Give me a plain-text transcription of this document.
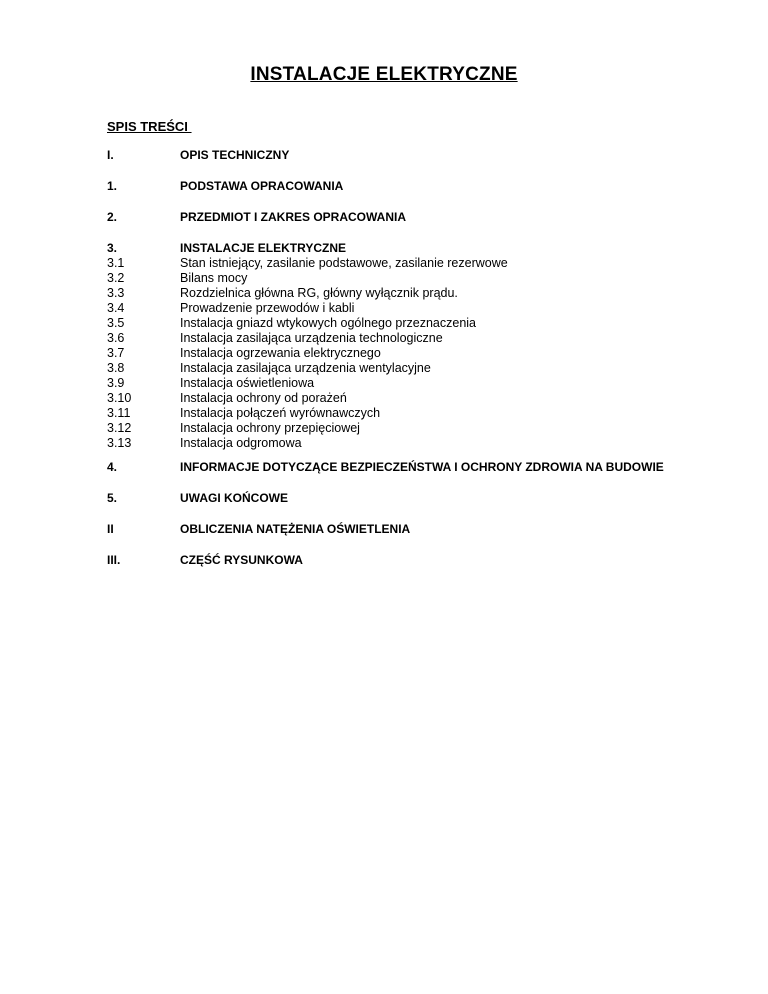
INSTALACJE ELEKTRYCZNE
SPIS TREŚCI
I.	OPIS TECHNICZNY
1.	PODSTAWA OPRACOWANIA
2.	PRZEDMIOT I ZAKRES OPRACOWANIA
3.	INSTALACJE ELEKTRYCZNE
3.1	Stan istniejący, zasilanie podstawowe, zasilanie rezerwowe
3.2	Bilans mocy
3.3	Rozdzielnica główna RG, główny wyłącznik prądu.
3.4	Prowadzenie przewodów i kabli
3.5	Instalacja gniazd wtykowych ogólnego przeznaczenia
3.6	Instalacja zasilająca urządzenia technologiczne
3.7	Instalacja ogrzewania elektrycznego
3.8	Instalacja zasilająca urządzenia wentylacyjne
3.9	Instalacja oświetleniowa
3.10	Instalacja ochrony od porażeń
3.11	Instalacja połączeń wyrównawczych
3.12	Instalacja ochrony przepięciowej
3.13	Instalacja odgromowa
4.	INFORMACJE DOTYCZĄCE BEZPIECZEŃSTWA I OCHRONY ZDROWIA NA BUDOWIE
5.	UWAGI KOŃCOWE
II	OBLICZENIA NATĘŻENIA OŚWIETLENIA
III.	CZĘŚĆ RYSUNKOWA
